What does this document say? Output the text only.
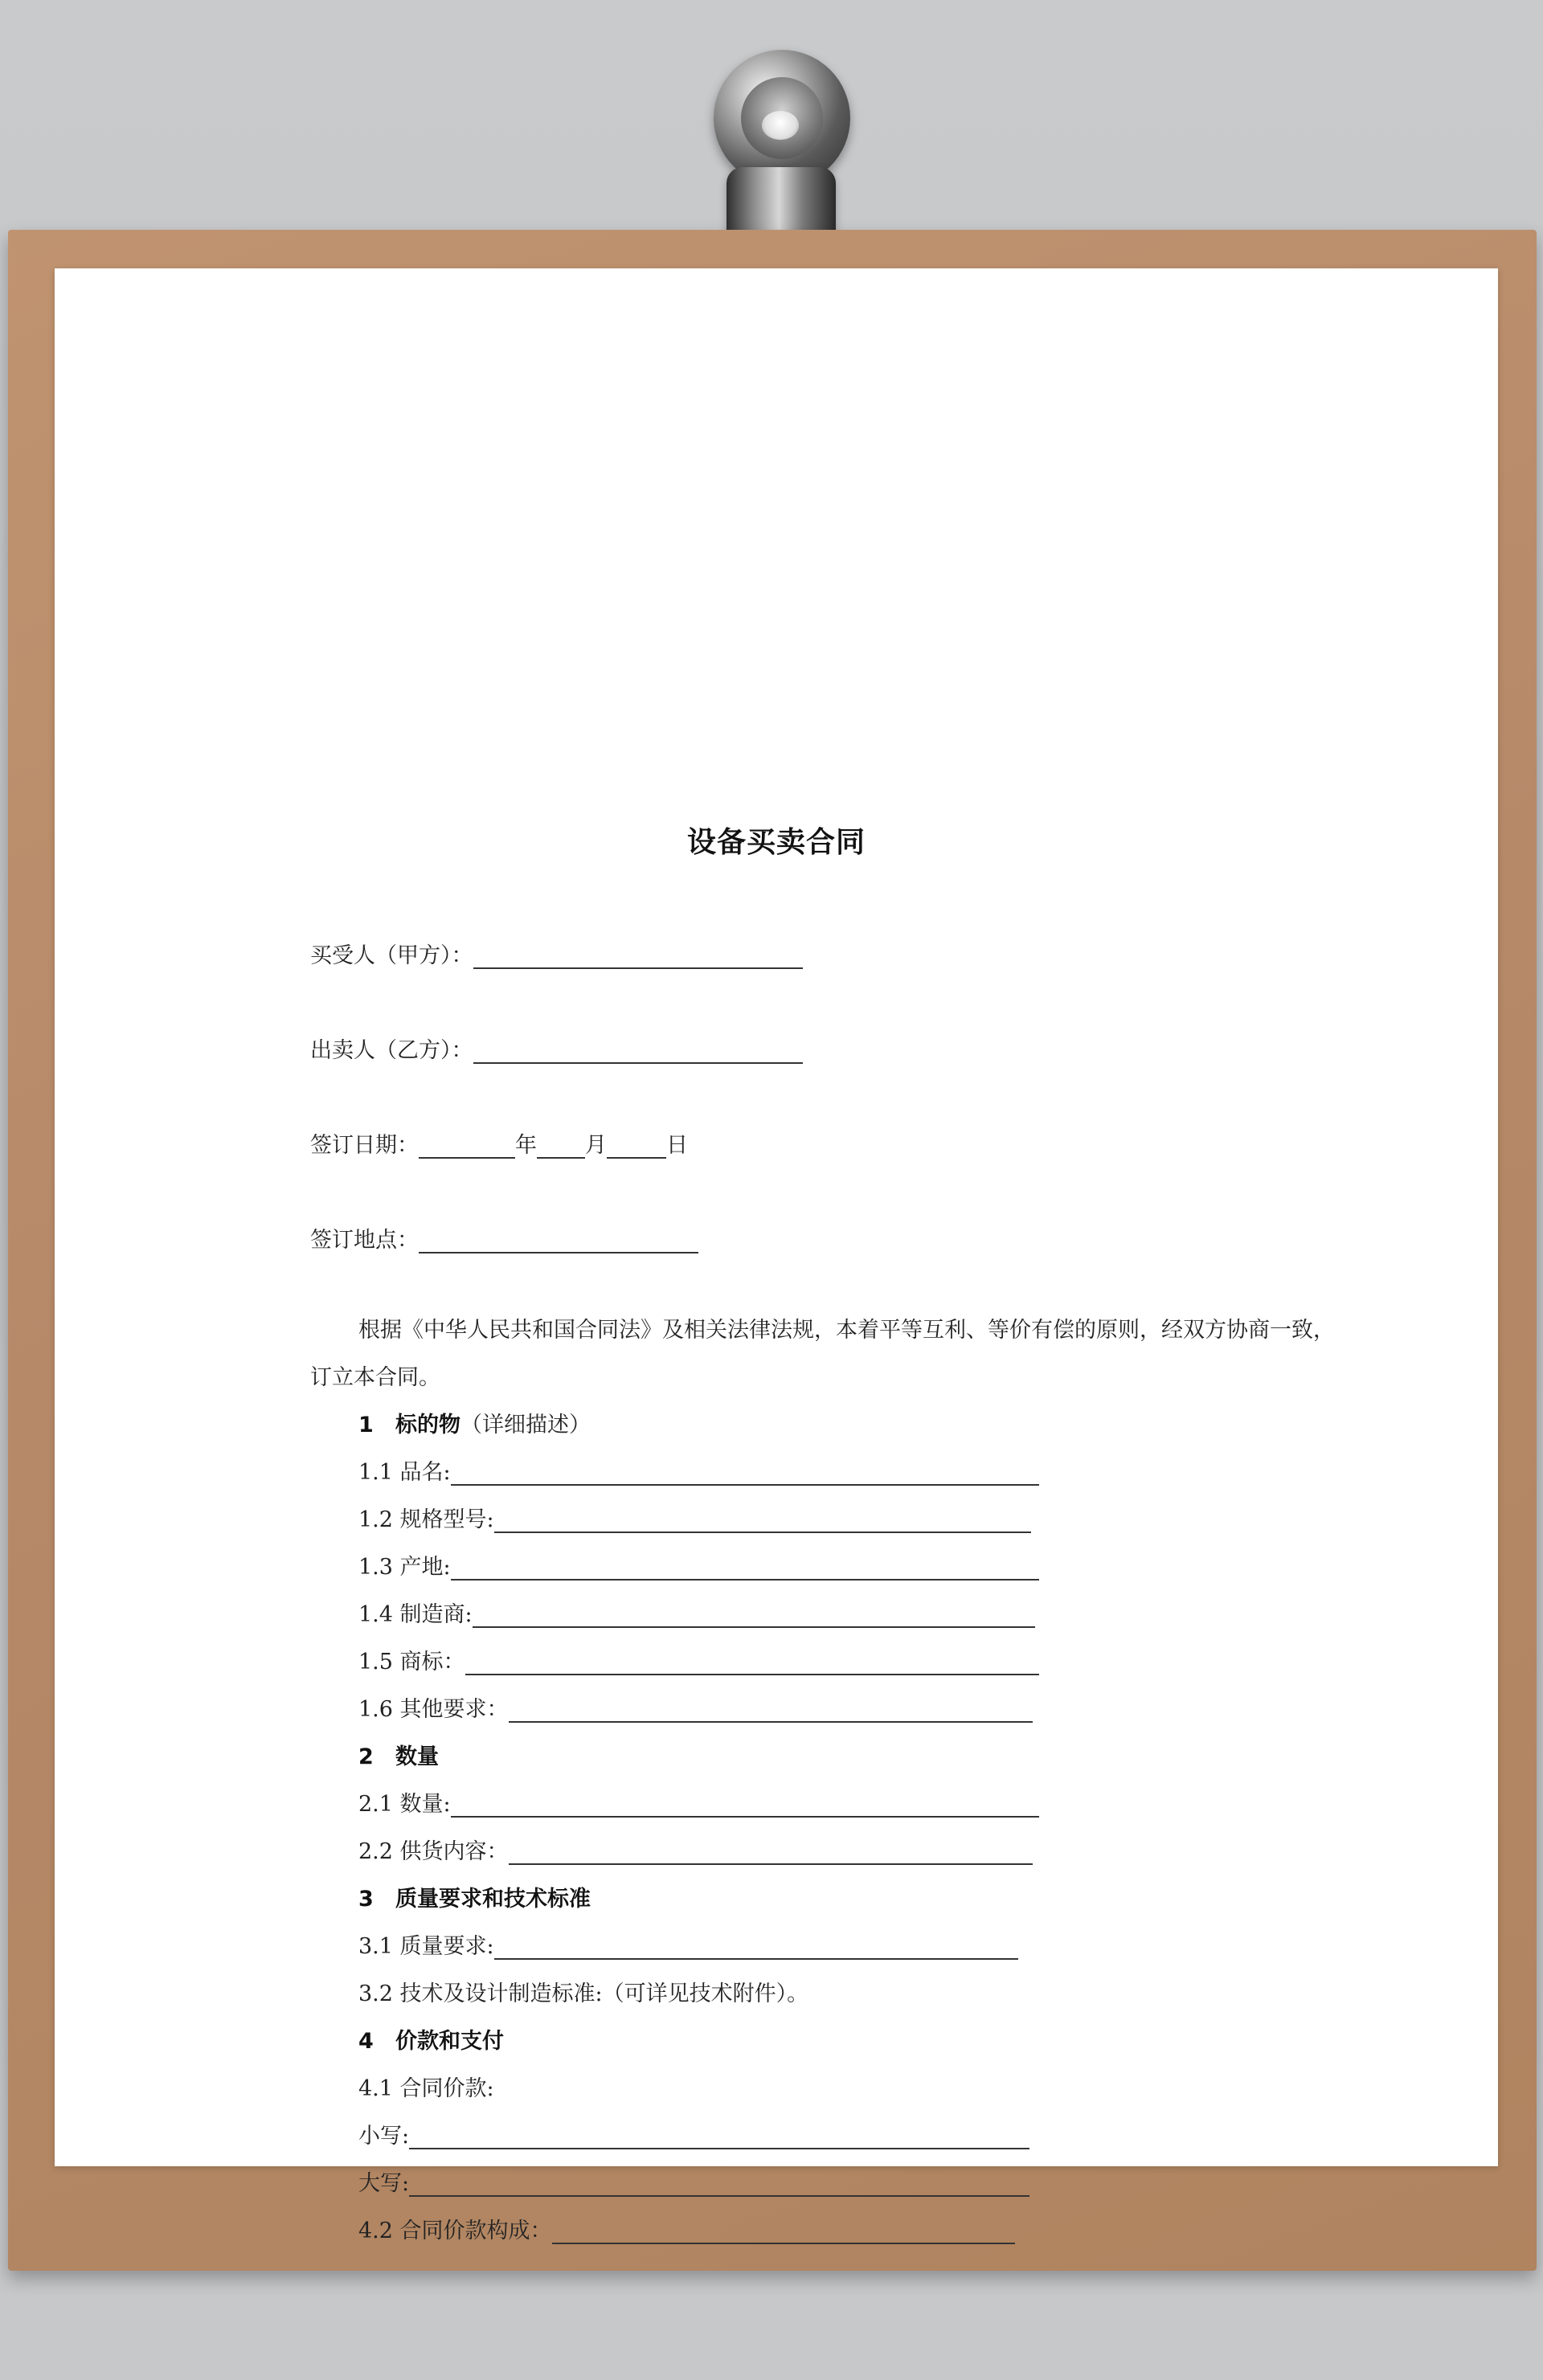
设备买卖合同
买受人（甲方）：
出卖人（乙方）：
签订日期：	年 月	日
签订地点：
根据《中华人民共和国合同法》及相关法律法规，本着平等互利、等价有偿的原则，经双方协商一致，订立本合同。
1 标的物（详细描述）
1.1 品名:
1.2 规格型号:
1.3 产地:
1.4 制造商:
1.5 商标：
1.6 其他要求：
2 数量
2.1 数量:
2.2 供货内容：
3 质量要求和技术标准
3.1 质量要求:
3.2 技术及设计制造标准:（可详见技术附件）。
4 价款和支付
4.1 合同价款:
小写:
大写:
4.2 合同价款构成：
